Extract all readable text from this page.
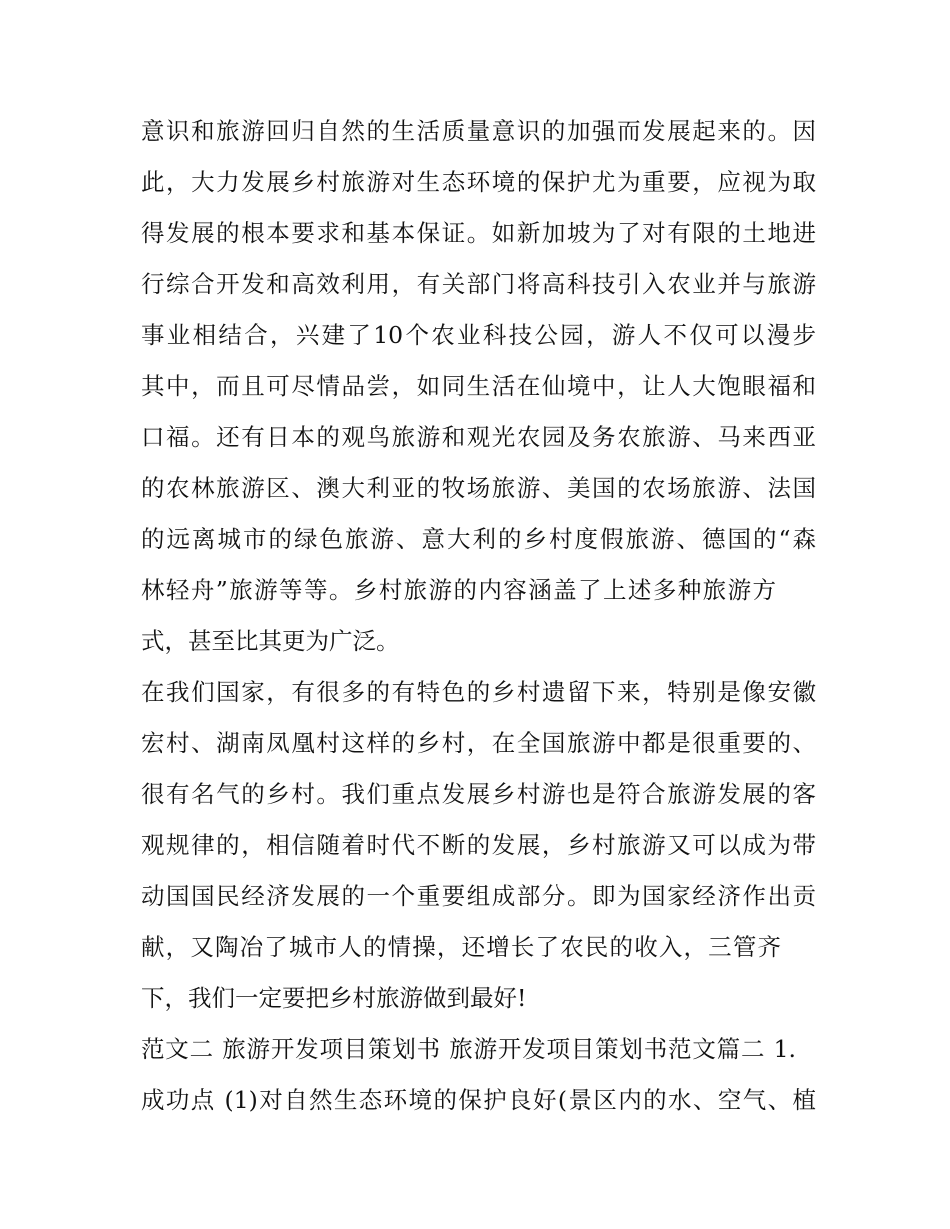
意识和旅游回归自然的生活质量意识的加强而发展起来的。因
此，大力发展乡村旅游对生态环境的保护尤为重要，应视为取
得发展的根本要求和基本保证。如新加坡为了对有限的土地进
行综合开发和高效利用，有关部门将高科技引入农业并与旅游
事业相结合，兴建了10个农业科技公园，游人不仅可以漫步
其中，而且可尽情品尝，如同生活在仙境中，让人大饱眼福和
口福。还有日本的观鸟旅游和观光农园及务农旅游、马来西亚
的农林旅游区、澳大利亚的牧场旅游、美国的农场旅游、法国
的远离城市的绿色旅游、意大利的乡村度假旅游、德国的“森
林轻舟”旅游等等。乡村旅游的内容涵盖了上述多种旅游方
式，甚至比其更为广泛。
在我们国家，有很多的有特色的乡村遗留下来，特别是像安徽
宏村、湖南凤凰村这样的乡村，在全国旅游中都是很重要的、
很有名气的乡村。我们重点发展乡村游也是符合旅游发展的客
观规律的，相信随着时代不断的发展，乡村旅游又可以成为带
动国国民经济发展的一个重要组成部分。即为国家经济作出贡
献，又陶冶了城市人的情操，还增长了农民的收入，三管齐
下，我们一定要把乡村旅游做到最好!
范文二 旅游开发项目策划书 旅游开发项目策划书范文篇二 1.
成功点 (1)对自然生态环境的保护良好(景区内的水、空气、植
